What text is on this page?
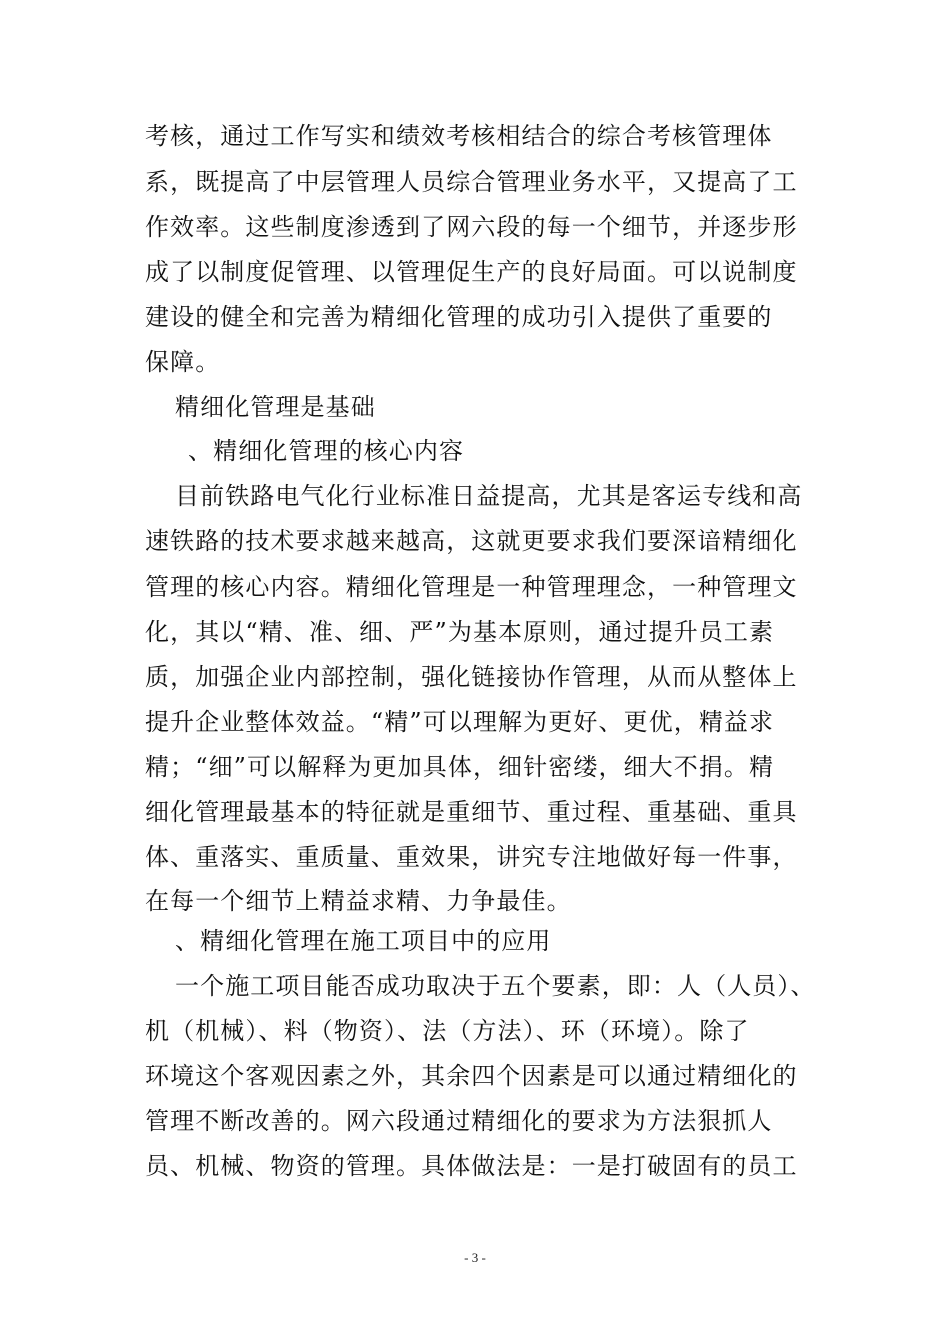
考核，通过工作写实和绩效考核相结合的综合考核管理体
系，既提高了中层管理人员综合管理业务水平，又提高了工
作效率。这些制度渗透到了网六段的每一个细节，并逐步形
成了以制度促管理、以管理促生产的良好局面。可以说制度
建设的健全和完善为精细化管理的成功引入提供了重要的
保障。
精细化管理是基础
、精细化管理的核心内容
目前铁路电气化行业标准日益提高，尤其是客运专线和高
速铁路的技术要求越来越高，这就更要求我们要深谙精细化
管理的核心内容。精细化管理是一种管理理念，一种管理文
化，其以“精、准、细、严”为基本原则，通过提升员工素
质，加强企业内部控制，强化链接协作管理，从而从整体上
提升企业整体效益。“精”可以理解为更好、更优，精益求
精；“细”可以解释为更加具体，细针密缕，细大不捐。精
细化管理最基本的特征就是重细节、重过程、重基础、重具
体、重落实、重质量、重效果，讲究专注地做好每一件事，
在每一个细节上精益求精、力争最佳。
、精细化管理在施工项目中的应用
一个施工项目能否成功取决于五个要素，即：人（人员）、
机（机械）、料（物资）、法（方法）、环（环境）。除了
环境这个客观因素之外，其余四个因素是可以通过精细化的
管理不断改善的。网六段通过精细化的要求为方法狠抓人
员、机械、物资的管理。具体做法是：一是打破固有的员工
- 3 -
